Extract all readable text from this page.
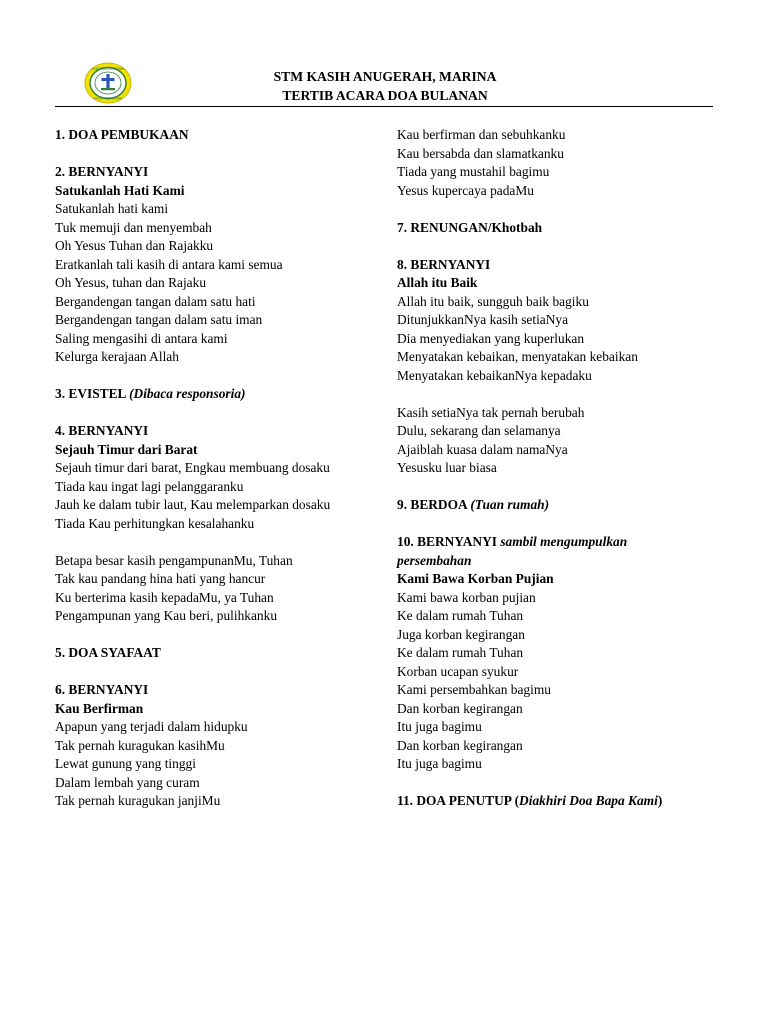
SAKSI DALAM DUNIA
KASIH ANUGERAH
STM KASIH ANUGERAH, MARINA
TERTIB ACARA DOA BULANAN
1. DOA PEMBUKAAN
2. BERNYANYI
Satukanlah Hati Kami
Satukanlah hati kami
Tuk memuji dan menyembah
Oh Yesus Tuhan dan Rajakku
Eratkanlah tali kasih di antara kami semua
Oh Yesus, tuhan dan Rajaku
Bergandengan tangan dalam satu hati
Bergandengan tangan dalam satu iman
Saling mengasihi di antara kami
Kelurga kerajaan Allah
3. EVISTEL (Dibaca responsoria)
4. BERNYANYI
Sejauh Timur dari Barat
Sejauh timur dari barat, Engkau membuang dosaku
Tiada kau ingat lagi pelanggaranku
Jauh ke dalam tubir laut, Kau melemparkan dosaku
Tiada Kau perhitungkan kesalahanku
Betapa besar kasih pengampunanMu, Tuhan
Tak kau pandang hina hati yang hancur
Ku berterima kasih kepadaMu, ya Tuhan
Pengampunan yang Kau beri, pulihkanku
5. DOA SYAFAAT
6. BERNYANYI
Kau Berfirman
Apapun yang terjadi dalam hidupku
Tak pernah kuragukan kasihMu
Lewat gunung yang tinggi
Dalam lembah yang curam
Tak pernah kuragukan janjiMu
Kau berfirman dan sebuhkanku
Kau bersabda dan slamatkanku
Tiada yang mustahil bagimu
Yesus kupercaya padaMu
7. RENUNGAN/Khotbah
8. BERNYANYI
Allah itu Baik
Allah itu baik, sungguh baik bagiku
DitunjukkanNya kasih setiaNya
Dia menyediakan yang kuperlukan
Menyatakan kebaikan, menyatakan kebaikan
Menyatakan kebaikanNya kepadaku
Kasih setiaNya tak pernah berubah
Dulu, sekarang dan selamanya
Ajaiblah kuasa dalam namaNya
Yesusku luar biasa
9. BERDOA (Tuan rumah)
10. BERNYANYI sambil mengumpulkan
persembahan
Kami Bawa Korban Pujian
Kami bawa korban pujian
Ke dalam rumah Tuhan
Juga korban kegirangan
Ke dalam rumah Tuhan
Korban ucapan syukur
Kami persembahkan bagimu
Dan korban kegirangan
Itu juga bagimu
Dan korban kegirangan
Itu juga bagimu
11. DOA PENUTUP (Diakhiri Doa Bapa Kami)
